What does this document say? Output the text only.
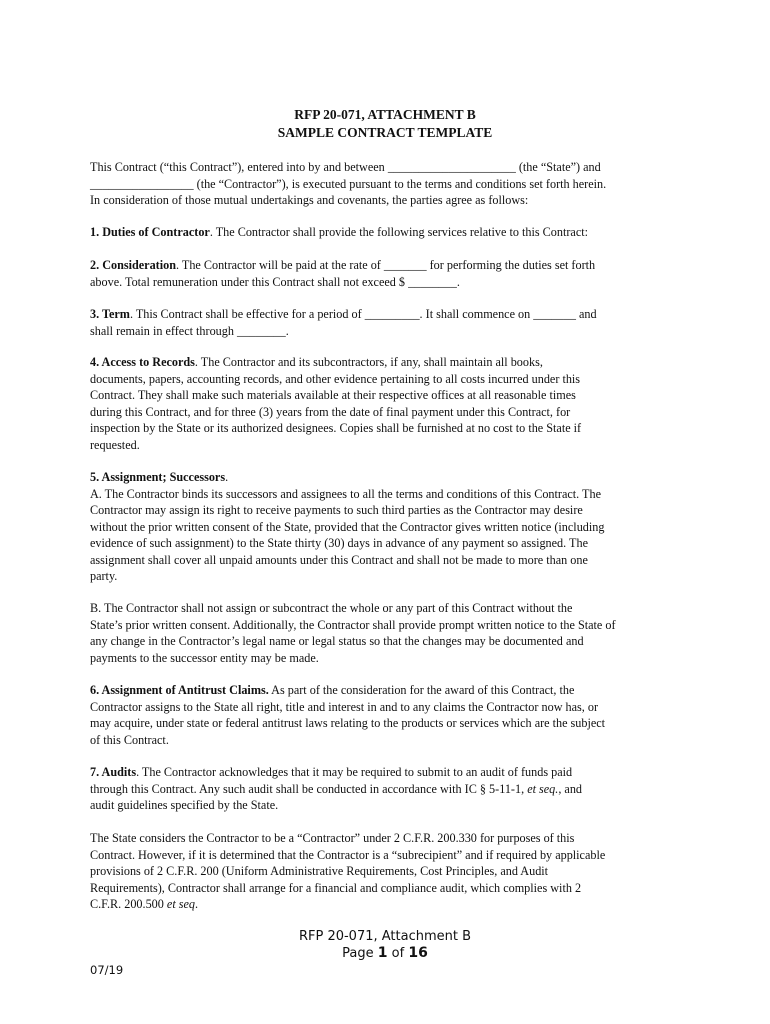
RFP 20-071, ATTACHMENT B
SAMPLE CONTRACT TEMPLATE

This Contract (“this Contract”), entered into by and between _____________________ (the “State”) and

_________________ (the “Contractor”), is executed pursuant to the terms and conditions set forth herein.

In consideration of those mutual undertakings and covenants, the parties agree as follows:

1. Duties of Contractor. The Contractor shall provide the following services relative to this Contract:

2. Consideration. The Contractor will be paid at the rate of _______ for performing the duties set forth

above. Total remuneration under this Contract shall not exceed $ ________.

3. Term. This Contract shall be effective for a period of _________. It shall commence on _______ and

shall remain in effect through ________.

4. Access to Records. The Contractor and its subcontractors, if any, shall maintain all books,

documents, papers, accounting records, and other evidence pertaining to all costs incurred under this

Contract. They shall make such materials available at their respective offices at all reasonable times

during this Contract, and for three (3) years from the date of final payment under this Contract, for

inspection by the State or its authorized designees. Copies shall be furnished at no cost to the State if

requested.

5. Assignment; Successors.

A. The Contractor binds its successors and assignees to all the terms and conditions of this Contract. The

Contractor may assign its right to receive payments to such third parties as the Contractor may desire

without the prior written consent of the State, provided that the Contractor gives written notice (including

evidence of such assignment) to the State thirty (30) days in advance of any payment so assigned. The

assignment shall cover all unpaid amounts under this Contract and shall not be made to more than one

party.

B. The Contractor shall not assign or subcontract the whole or any part of this Contract without the

State’s prior written consent. Additionally, the Contractor shall provide prompt written notice to the State of

any change in the Contractor’s legal name or legal status so that the changes may be documented and

payments to the successor entity may be made.

6. Assignment of Antitrust Claims. As part of the consideration for the award of this Contract, the

Contractor assigns to the State all right, title and interest in and to any claims the Contractor now has, or

may acquire, under state or federal antitrust laws relating to the products or services which are the subject

of this Contract.

7. Audits. The Contractor acknowledges that it may be required to submit to an audit of funds paid

through this Contract. Any such audit shall be conducted in accordance with IC § 5-11-1, et seq., and

audit guidelines specified by the State.

The State considers the Contractor to be a “Contractor” under 2 C.F.R. 200.330 for purposes of this

Contract. However, if it is determined that the Contractor is a “subrecipient” and if required by applicable

provisions of 2 C.F.R. 200 (Uniform Administrative Requirements, Cost Principles, and Audit

Requirements), Contractor shall arrange for a financial and compliance audit, which complies with 2

C.F.R. 200.500 et seq.

RFP 20-071, Attachment B
Page 1 of 16
07/19
